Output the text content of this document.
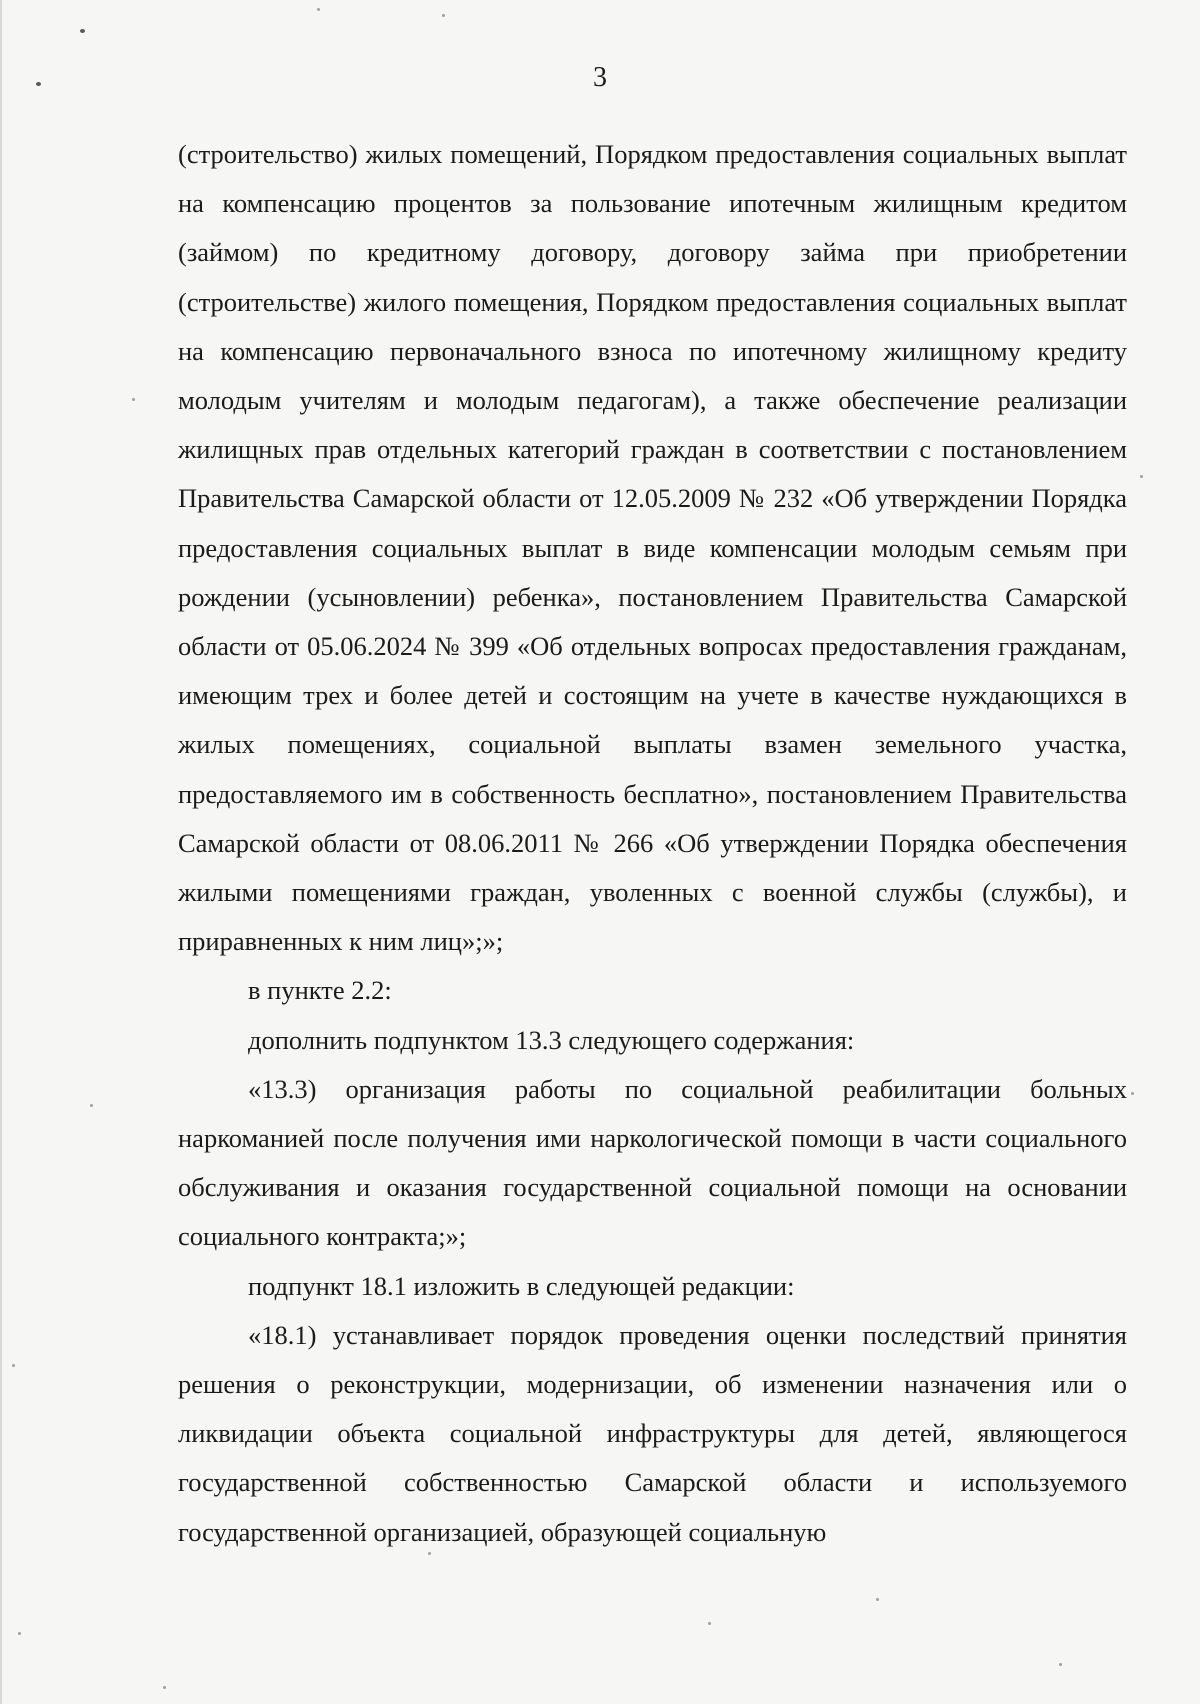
3

(строительство) жилых помещений, Порядком предоставления социальных выплат на компенсацию процентов за пользование ипотечным жилищным кредитом (займом) по кредитному договору, договору займа при приобретении (строительстве) жилого помещения, Порядком предоставления социальных выплат на компенсацию первоначального взноса по ипотечному жилищному кредиту молодым учителям и молодым педагогам), а также обеспечение реализации жилищных прав отдельных категорий граждан в соответствии с постановлением Правительства Самарской области от 12.05.2009 № 232 «Об утверждении Порядка предоставления социальных выплат в виде компенсации молодым семьям при рождении (усыновлении) ребенка», постановлением Правительства Самарской области от 05.06.2024 № 399 «Об отдельных вопросах предоставления гражданам, имеющим трех и более детей и состоящим на учете в качестве нуждающихся в жилых помещениях, социальной выплаты взамен земельного участка, предоставляемого им в собственность бесплатно», постановлением Правительства Самарской области от 08.06.2011 № 266 «Об утверждении Порядка обеспечения жилыми помещениями граждан, уволенных с военной службы (службы), и приравненных к ним лиц»;»;

в пункте 2.2:

дополнить подпунктом 13.3 следующего содержания:

«13.3) организация работы по социальной реабилитации больных наркоманией после получения ими наркологической помощи в части социального обслуживания и оказания государственной социальной помощи на основании социального контракта;»;

подпункт 18.1 изложить в следующей редакции:

«18.1) устанавливает порядок проведения оценки последствий принятия решения о реконструкции, модернизации, об изменении назначения или о ликвидации объекта социальной инфраструктуры для детей, являющегося государственной собственностью Самарской области и используемого государственной организацией, образующей социальную
